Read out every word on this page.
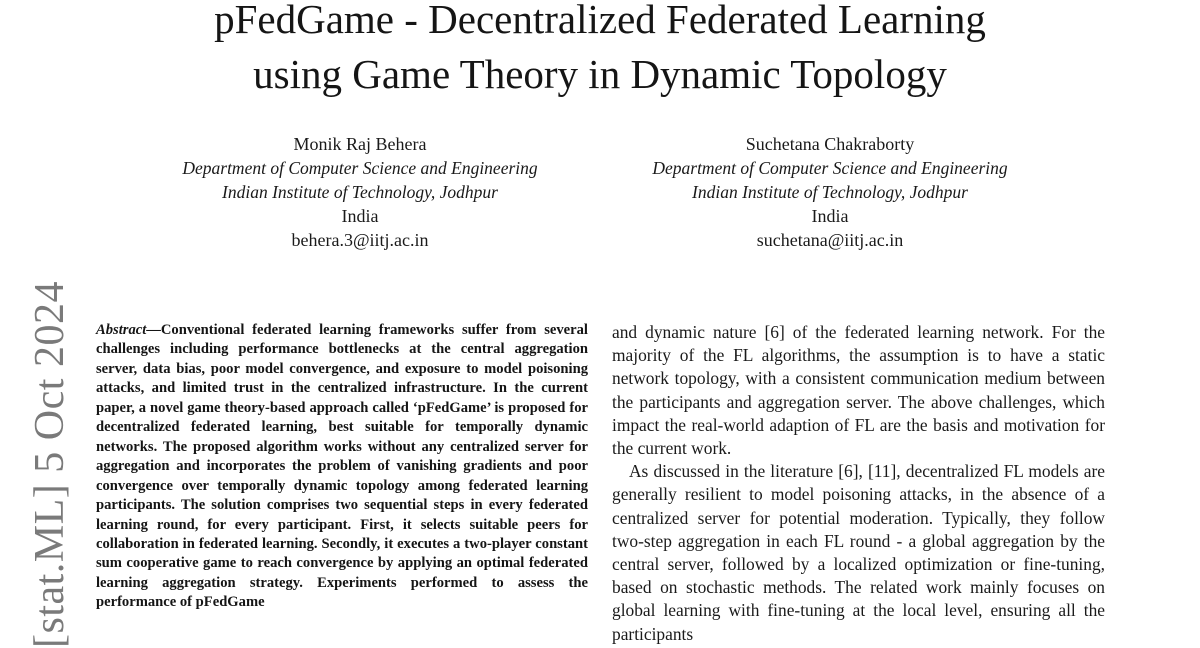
pFedGame - Decentralized Federated Learning
using Game Theory in Dynamic Topology
Monik Raj Behera
Department of Computer Science and Engineering
Indian Institute of Technology, Jodhpur
India
behera.3@iitj.ac.in
Suchetana Chakraborty
Department of Computer Science and Engineering
Indian Institute of Technology, Jodhpur
India
suchetana@iitj.ac.in
[stat.ML] 5 Oct 2024 Abstract—Conventional federated learning frameworks suffer from several challenges including performance bottlenecks at the central aggregation server, data bias, poor model convergence, and exposure to model poisoning attacks, and limited trust in the centralized infrastructure. In the current paper, a novel game theory-based approach called ‘pFedGame’ is proposed for decentralized federated learning, best suitable for temporally dynamic networks. The proposed algorithm works without any centralized server for aggregation and incorporates the problem of vanishing gradients and poor convergence over temporally dynamic topology among federated learning participants. The solution comprises two sequential steps in every federated learning round, for every participant. First, it selects suitable peers for collaboration in federated learning. Secondly, it executes a two-player constant sum cooperative game to reach convergence by applying an optimal federated learning aggregation strategy. Experiments performed to assess the performance of pFedGame

and dynamic nature [6] of the federated learning network. For the majority of the FL algorithms, the assumption is to have a static network topology, with a consistent communication medium between the participants and aggregation server. The above challenges, which impact the real-world adaption of FL are the basis and motivation for the current work.

As discussed in the literature [6], [11], decentralized FL models are generally resilient to model poisoning attacks, in the absence of a centralized server for potential moderation. Typically, they follow two-step aggregation in each FL round - a global aggregation by the central server, followed by a localized optimization or fine-tuning, based on stochastic methods. The related work mainly focuses on global learning with fine-tuning at the local level, ensuring all the participants
